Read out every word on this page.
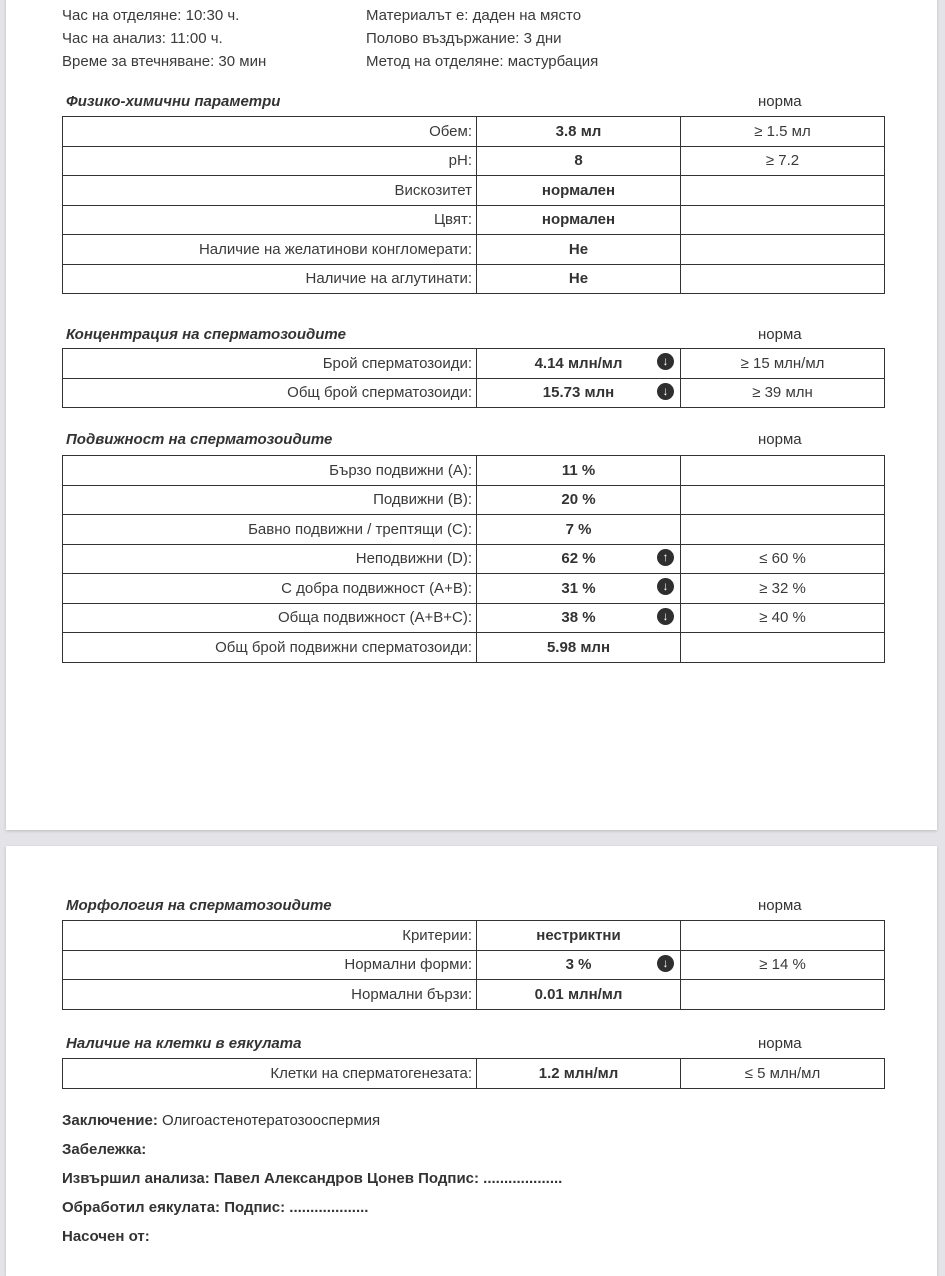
Час на отделяне: 10:30 ч.
Час на анализ: 11:00 ч.
Време за втечняване: 30 мин
Материалът е: даден на място
Полово въздържание: 3 дни
Метод на отделяне: мастурбация
Физико-химични параметри	норма
Обем:	3.8 мл	≥ 1.5 мл
pH:	8	≥ 7.2
Вискозитет	нормален	
Цвят:	нормален	
Наличие на желатинови конгломерати:	Не	
Наличие на аглутинати:	Не	
Концентрация на сперматозоидите	норма
Брой сперматозоиди:	4.14 млн/мл ↓	≥ 15 млн/мл
Общ брой сперматозоиди:	15.73 млн ↓	≥ 39 млн
Подвижност на сперматозоидите	норма
Бързо подвижни (A):	11 %	
Подвижни (B):	20 %	
Бавно подвижни / трептящи (C):	7 %	
Неподвижни (D):	62 % ↑	≤ 60 %
С добра подвижност (A+B):	31 % ↓	≥ 32 %
Обща подвижност (A+B+C):	38 % ↓	≥ 40 %
Общ брой подвижни сперматозоиди:	5.98 млн	
Морфология на сперматозоидите	норма
Критерии:	нестриктни	
Нормални форми:	3 % ↓	≥ 14 %
Нормални бързи:	0.01 млн/мл	
Наличие на клетки в еякулата	норма
Клетки на сперматогенезата:	1.2 млн/мл	≤ 5 млн/мл
Заключение: Олигоастенотератозооспермия
Забележка:
Извършил анализа: Павел Александров Цонев Подпис: ...................
Обработил еякулата: Подпис: ...................
Насочен от:
